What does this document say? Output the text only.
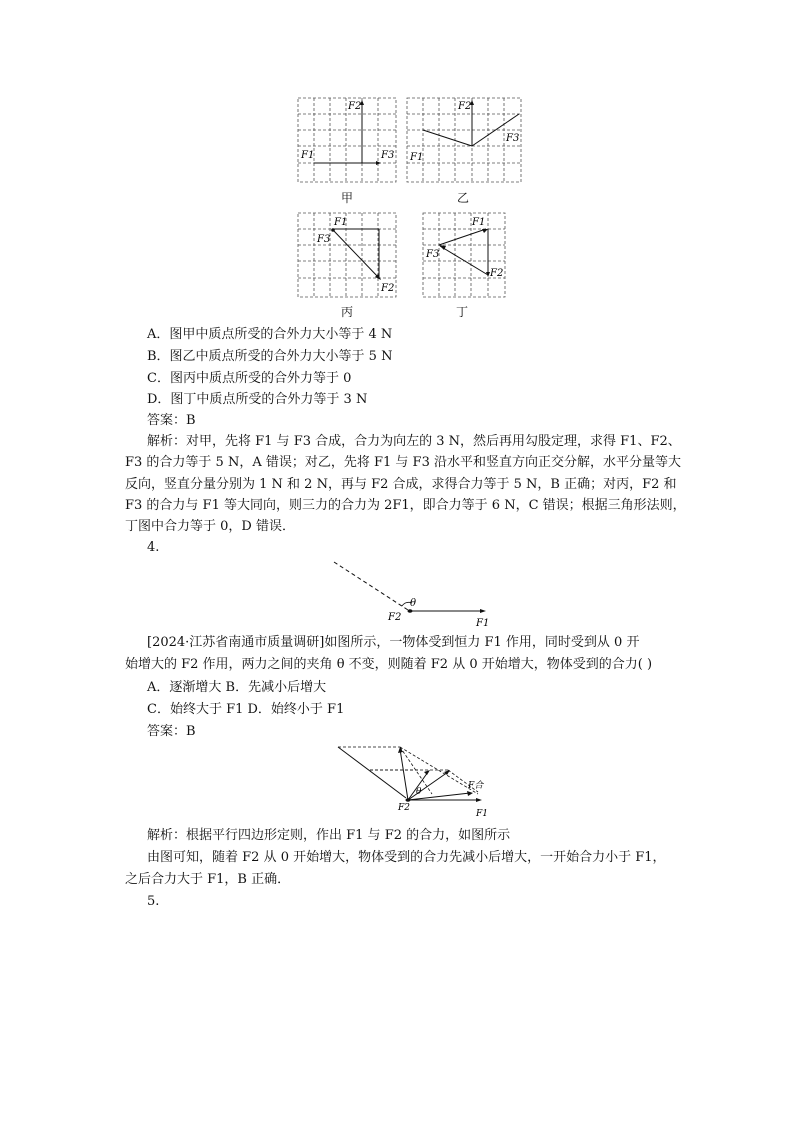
F2
F1	F3
甲
F2
F3
F1
乙
F1
F3
F2
丙
F1
F3
F2
丁
A．图甲中质点所受的合外力大小等于 4 N
B．图乙中质点所受的合外力大小等于 5 N
C．图丙中质点所受的合外力等于 0
D．图丁中质点所受的合外力等于 3 N
答案：B
解析：对甲，先将 F1 与 F3 合成，合力为向左的 3 N，然后再用勾股定理，求得 F1、F2、
F3 的合力等于 5 N，A 错误；对乙，先将 F1 与 F3 沿水平和竖直方向正交分解，水平分量等大
反向，竖直分量分别为 1 N 和 2 N，再与 F2 合成，求得合力等于 5 N，B 正确；对丙，F2 和
F3 的合力与 F1 等大同向，则三力的合力为 2F1，即合力等于 6 N，C 错误；根据三角形法则，
丁图中合力等于 0，D 错误．
4.
θ
F2
F1
[2024·江苏省南通市质量调研]如图所示，一物体受到恒力 F1 作用，同时受到从 0 开
始增大的 F2 作用，两力之间的夹角 θ 不变，则随着 F2 从 0 开始增大，物体受到的合力( )
A．逐渐增大 B．先减小后增大
C．始终大于 F1 D．始终小于 F1
答案：B
θ
F合
F2
F1
解析：根据平行四边形定则，作出 F1 与 F2 的合力，如图所示
由图可知，随着 F2 从 0 开始增大，物体受到的合力先减小后增大，一开始合力小于 F1，
之后合力大于 F1，B 正确．
5.
